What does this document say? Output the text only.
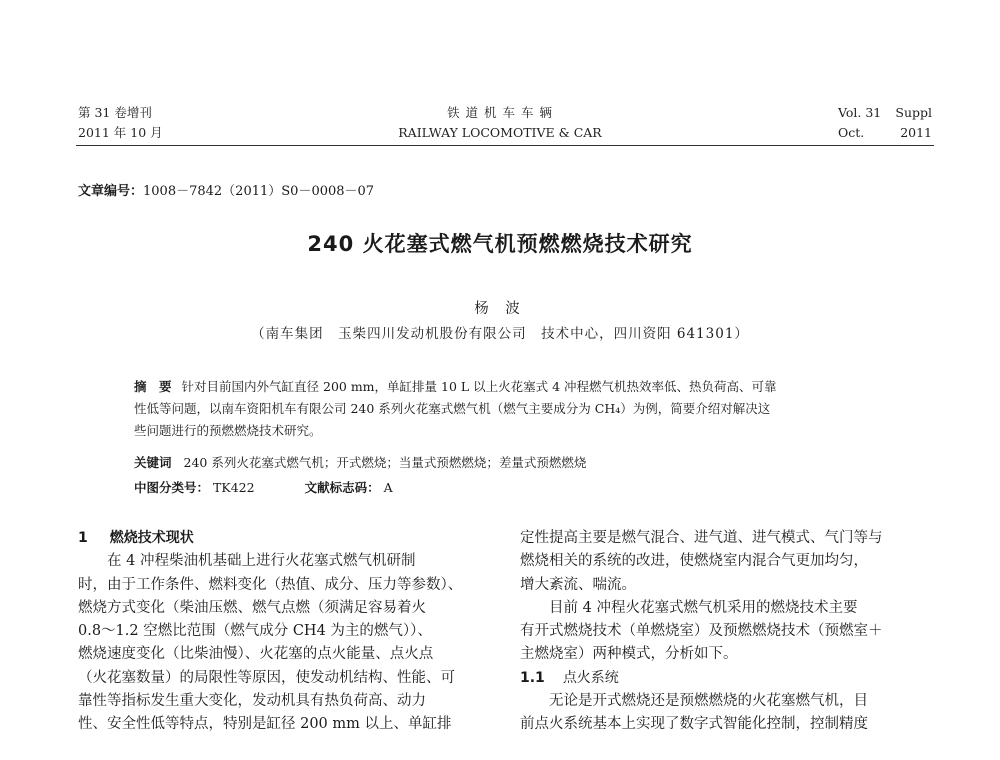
第 31 卷增刊
2011 年 10 月
铁 道 机 车 车 辆
RAILWAY LOCOMOTIVE & CAR
Vol. 31 Suppl
Oct.	2011
文章编号：1008－7842（2011）S0－0008－07
240 火花塞式燃气机预燃燃烧技术研究
杨 波
（南车集团　玉柴四川发动机股份有限公司　技术中心，四川资阳 641301）

摘　要 针对目前国内外气缸直径 200 mm，单缸排量 10 L 以上火花塞式 4 冲程燃气机热效率低、热负荷高、可靠

性低等问题，以南车资阳机车有限公司 240 系列火花塞式燃气机（燃气主要成分为 CH₄）为例，简要介绍对解决这

些问题进行的预燃燃烧技术研究。

关键词 240 系列火花塞式燃气机；开式燃烧；当量式预燃燃烧；差量式预燃燃烧
中图分类号： TK422	文献标志码： A
1 燃烧技术现状
在 4 冲程柴油机基础上进行火花塞式燃气机研制
时，由于工作条件、燃料变化（热值、成分、压力等参数）、
燃烧方式变化（柴油压燃、燃气点燃（须满足容易着火
0.8～1.2 空燃比范围（燃气成分 CH4 为主的燃气））、
燃烧速度变化（比柴油慢）、火花塞的点火能量、点火点
（火花塞数量）的局限性等原因，使发动机结构、性能、可
靠性等指标发生重大变化，发动机具有热负荷高、动力
性、安全性低等特点，特别是缸径 200 mm 以上、单缸排
定性提高主要是燃气混合、进气道、进气模式、气门等与
燃烧相关的系统的改进，使燃烧室内混合气更加均匀，
增大紊流、喘流。
目前 4 冲程火花塞式燃气机采用的燃烧技术主要
有开式燃烧技术（单燃烧室）及预燃燃烧技术（预燃室＋
主燃烧室）两种模式，分析如下。
1.1 点火系统
无论是开式燃烧还是预燃燃烧的火花塞燃气机，目
前点火系统基本上实现了数字式智能化控制，控制精度
